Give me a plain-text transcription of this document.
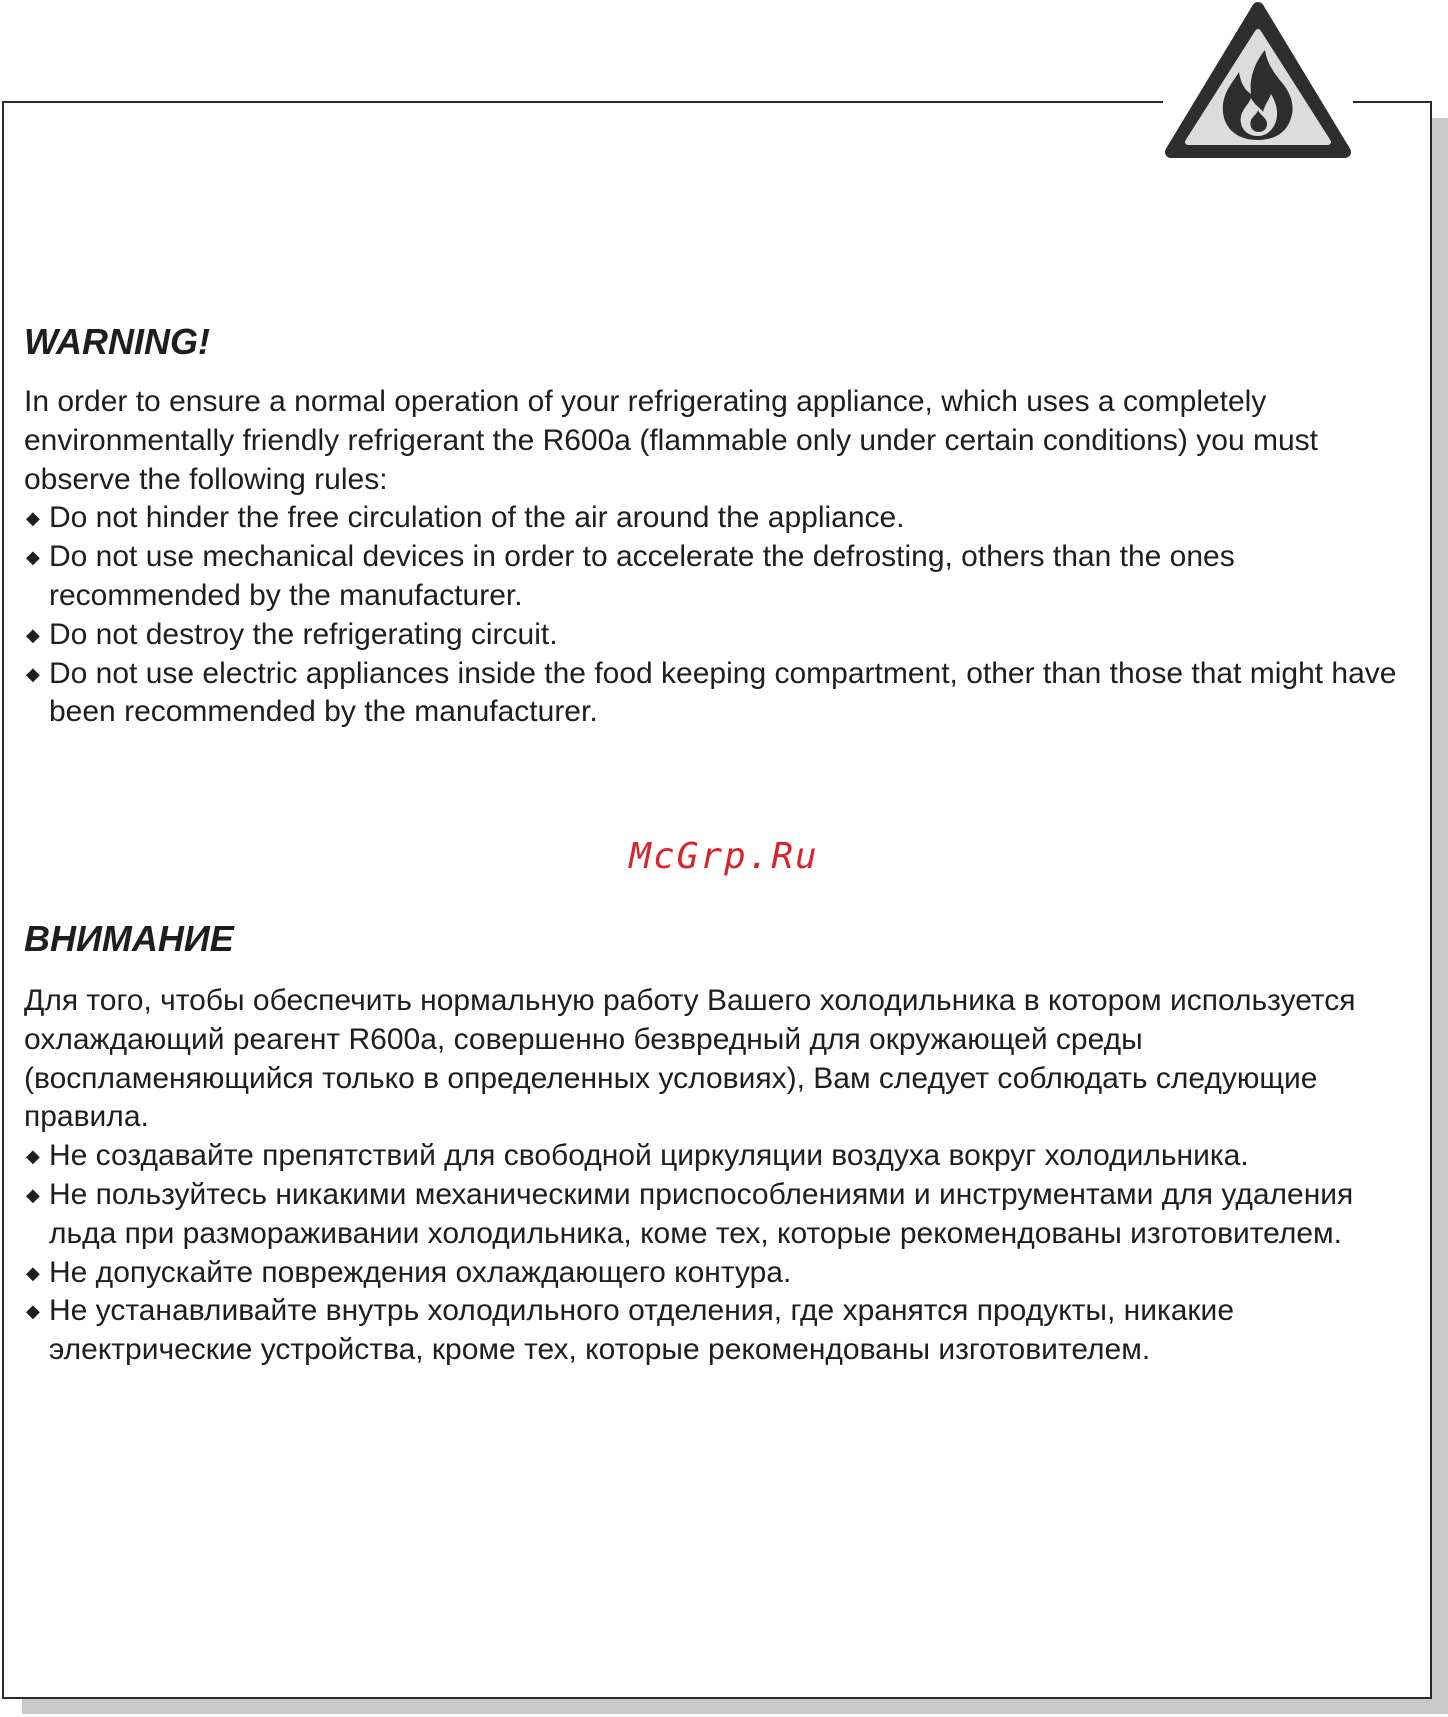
WARNING!

In order to ensure a normal operation of your refrigerating appliance, which uses a completely environmentally friendly refrigerant the R600a (flammable only under certain conditions) you must observe the following rules:

◆ Do not hinder the free circulation of the air around the appliance.
◆ Do not use mechanical devices in order to accelerate the defrosting, others than the ones recommended by the manufacturer.
◆ Do not destroy the refrigerating circuit.
◆ Do not use electric appliances inside the food keeping compartment, other than those that might have been recommended by the manufacturer.
McGrp.Ru
ВНИМАНИЕ

Для того, чтобы обеспечить нормальную работу Вашего холодильника в котором используется охлаждающий реагент R600a, совершенно безвредный для окружающей среды (воспламеняющийся только в определенных условиях), Вам следует соблюдать следующие правила.

◆ Не создавайте препятствий для свободной циркуляции воздуха вокруг холодильника.
◆ Не пользуйтесь никакими механическими приспособлениями и инструментами для удаления льда при размораживании холодильника, коме тех, которые рекомендованы изготовителем.
◆ Не допускайте повреждения охлаждающего контура.
◆ Не устанавливайте внутрь холодильного отделения, где хранятся продукты, никакие электрические устройства, кроме тех, которые рекомендованы изготовителем.
